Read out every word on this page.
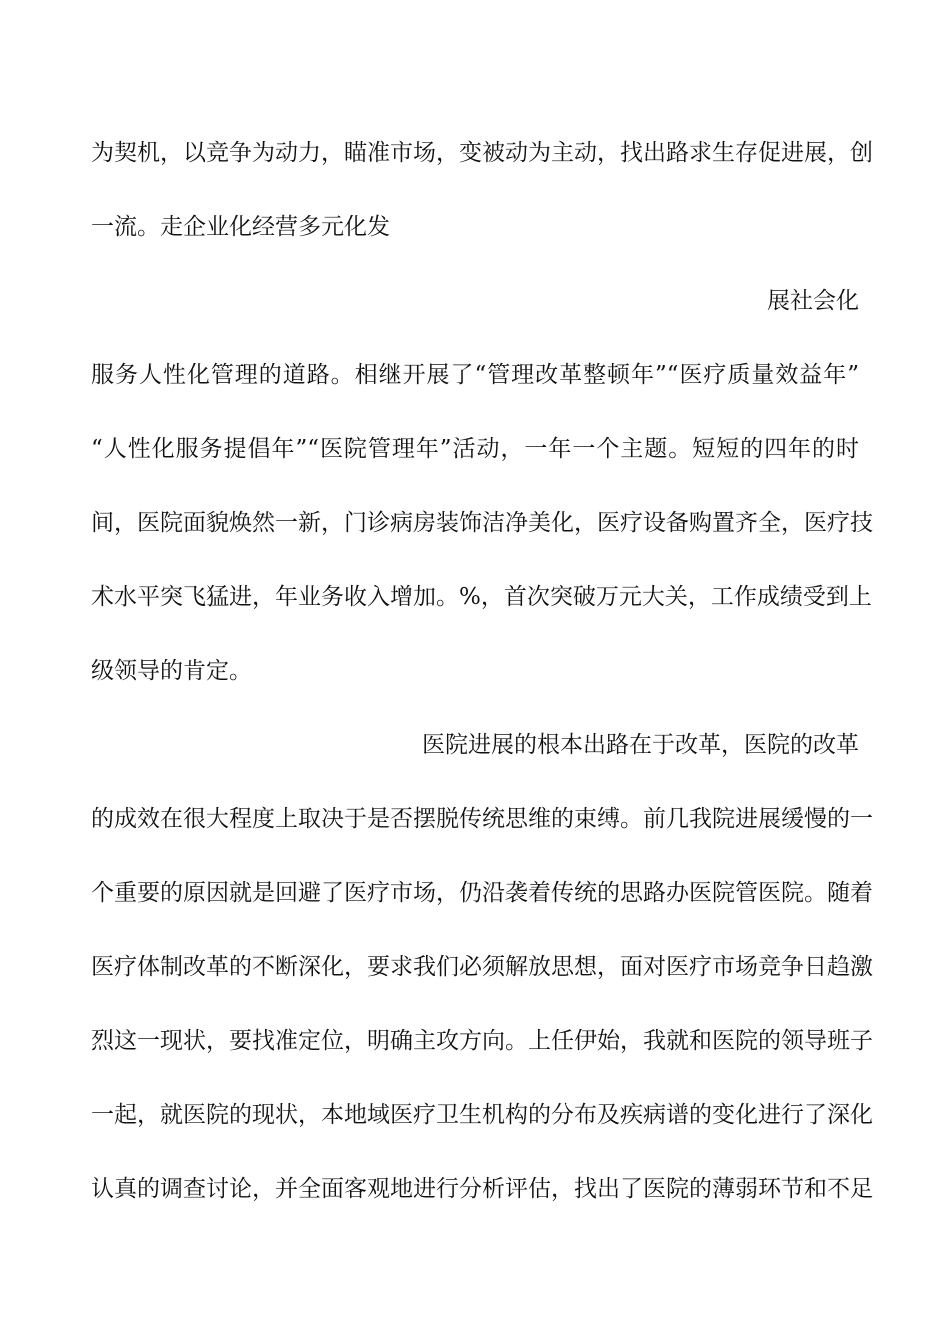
为契机，以竞争为动力，瞄准市场，变被动为主动，找出路求生存促进展，创
一流。走企业化经营多元化发
展社会化
服务人性化管理的道路。相继开展了“管理改革整顿年”“医疗质量效益年”
“人性化服务提倡年”“医院管理年”活动，一年一个主题。短短的四年的时
间，医院面貌焕然一新，门诊病房装饰洁净美化，医疗设备购置齐全，医疗技
术水平突飞猛进，年业务收入增加。%，首次突破万元大关，工作成绩受到上
级领导的肯定。
医院进展的根本出路在于改革，医院的改革
的成效在很大程度上取决于是否摆脱传统思维的束缚。前几我院进展缓慢的一
个重要的原因就是回避了医疗市场，仍沿袭着传统的思路办医院管医院。随着
医疗体制改革的不断深化，要求我们必须解放思想，面对医疗市场竞争日趋激
烈这一现状，要找准定位，明确主攻方向。上任伊始，我就和医院的领导班子
一起，就医院的现状，本地域医疗卫生机构的分布及疾病谱的变化进行了深化
认真的调查讨论，并全面客观地进行分析评估，找出了医院的薄弱环节和不足
